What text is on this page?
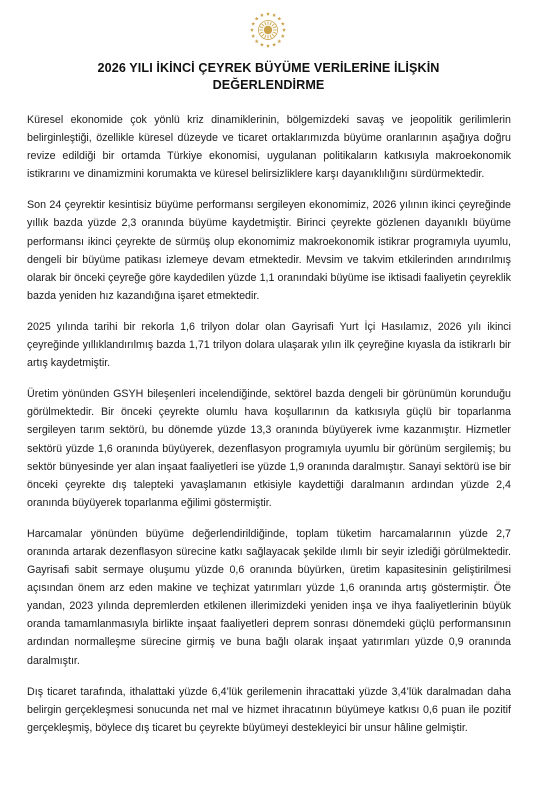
2026 YILI İKİNCİ ÇEYREK BÜYÜME VERİLERİNE İLİŞKİN
DEĞERLENDİRME

Küresel ekonomide çok yönlü kriz dinamiklerinin, bölgemizdeki savaş ve jeopolitik gerilimlerin belirginleştiği, özellikle küresel düzeyde ve ticaret ortaklarımızda büyüme oranlarının aşağıya doğru revize edildiği bir ortamda Türkiye ekonomisi, uygulanan politikaların katkısıyla makroekonomik istikrarını ve dinamizmini korumakta ve küresel belirsizliklere karşı dayanıklılığını sürdürmektedir.

Son 24 çeyrektir kesintisiz büyüme performansı sergileyen ekonomimiz, 2026 yılının ikinci çeyreğinde yıllık bazda yüzde 2,3 oranında büyüme kaydetmiştir. Birinci çeyrekte gözlenen dayanıklı büyüme performansı ikinci çeyrekte de sürmüş olup ekonomimiz makroekonomik istikrar programıyla uyumlu, dengeli bir büyüme patikası izlemeye devam etmektedir. Mevsim ve takvim etkilerinden arındırılmış olarak bir önceki çeyreğe göre kaydedilen yüzde 1,1 oranındaki büyüme ise iktisadi faaliyetin çeyreklik bazda yeniden hız kazandığına işaret etmektedir.

2025 yılında tarihi bir rekorla 1,6 trilyon dolar olan Gayrisafi Yurt İçi Hasılamız, 2026 yılı ikinci çeyreğinde yıllıklandırılmış bazda 1,71 trilyon dolara ulaşarak yılın ilk çeyreğine kıyasla da istikrarlı bir artış kaydetmiştir.

Üretim yönünden GSYH bileşenleri incelendiğinde, sektörel bazda dengeli bir görünümün korunduğu görülmektedir. Bir önceki çeyrekte olumlu hava koşullarının da katkısıyla güçlü bir toparlanma sergileyen tarım sektörü, bu dönemde yüzde 13,3 oranında büyüyerek ivme kazanmıştır. Hizmetler sektörü yüzde 1,6 oranında büyüyerek, dezenflasyon programıyla uyumlu bir görünüm sergilemiş; bu sektör bünyesinde yer alan inşaat faaliyetleri ise yüzde 1,9 oranında daralmıştır. Sanayi sektörü ise bir önceki çeyrekte dış talepteki yavaşlamanın etkisiyle kaydettiği daralmanın ardından yüzde 2,4 oranında büyüyerek toparlanma eğilimi göstermiştir.

Harcamalar yönünden büyüme değerlendirildiğinde, toplam tüketim harcamalarının yüzde 2,7 oranında artarak dezenflasyon sürecine katkı sağlayacak şekilde ılımlı bir seyir izlediği görülmektedir. Gayrisafi sabit sermaye oluşumu yüzde 0,6 oranında büyürken, üretim kapasitesinin geliştirilmesi açısından önem arz eden makine ve teçhizat yatırımları yüzde 1,6 oranında artış göstermiştir. Öte yandan, 2023 yılında depremlerden etkilenen illerimizdeki yeniden inşa ve ihya faaliyetlerinin büyük oranda tamamlanmasıyla birlikte inşaat faaliyetleri deprem sonrası dönemdeki güçlü performansının ardından normalleşme sürecine girmiş ve buna bağlı olarak inşaat yatırımları yüzde 0,9 oranında daralmıştır.

Dış ticaret tarafında, ithalattaki yüzde 6,4’lük gerilemenin ihracattaki yüzde 3,4’lük daralmadan daha belirgin gerçekleşmesi sonucunda net mal ve hizmet ihracatının büyümeye katkısı 0,6 puan ile pozitif gerçekleşmiş, böylece dış ticaret bu çeyrekte büyümeyi destekleyici bir unsur hâline gelmiştir.
